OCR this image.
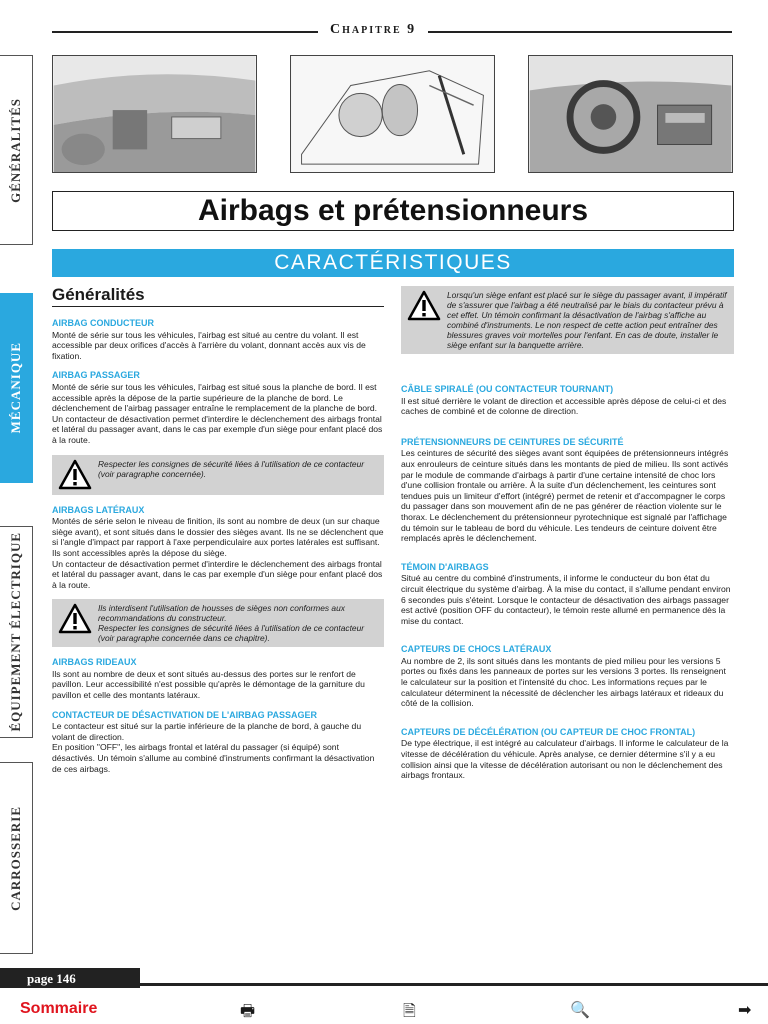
Chapitre 9
GÉNÉRALITÉS
MÉCANIQUE
ÉQUIPEMENT ÉLECTRIQUE
CARROSSERIE
Airbags et prétensionneurs
CARACTÉRISTIQUES
Généralités
AIRBAG CONDUCTEUR

Monté de série sur tous les véhicules, l'airbag est situé au centre du volant. Il est accessible par deux orifices d'accès à l'arrière du volant, donnant accès aux vis de fixation.

AIRBAG PASSAGER

Monté de série sur tous les véhicules, l'airbag est situé sous la planche de bord. Il est accessible après la dépose de la partie supérieure de la planche de bord. Le déclenchement de l'airbag passager entraîne le remplacement de la planche de bord.

Un contacteur de désactivation permet d'interdire le déclenchement des airbags frontal et latéral du passager avant, dans le cas par exemple d'un siège pour enfant placé dos à la route.

Respecter les consignes de sécurité liées à l'utilisation de ce contacteur (voir paragraphe concernée).
AIRBAGS LATÉRAUX

Montés de série selon le niveau de finition, ils sont au nombre de deux (un sur chaque siège avant), et sont situés dans le dossier des sièges avant. Ils ne se déclenchent que si l'angle d'impact par rapport à l'axe perpendiculaire aux portes latérales est suffisant. Ils sont accessibles après la dépose du siège.

Un contacteur de désactivation permet d'interdire le déclenchement des airbags frontal et latéral du passager avant, dans le cas par exemple d'un siège pour enfant placé dos à la route.

Ils interdisent l'utilisation de housses de sièges non conformes aux recommandations du constructeur.

Respecter les consignes de sécurité liées à l'utilisation de ce contacteur (voir paragraphe concernée dans ce chapitre).

AIRBAGS RIDEAUX

Ils sont au nombre de deux et sont situés au-dessus des portes sur le renfort de pavillon. Leur accessibilité n'est possible qu'après le démontage de la garniture du pavillon et celle des montants latéraux.

CONTACTEUR DE DÉSACTIVATION DE L'AIRBAG PASSAGER

Le contacteur est situé sur la partie inférieure de la planche de bord, à gauche du volant de direction.

En position "OFF", les airbags frontal et latéral du passager (si équipé) sont désactivés. Un témoin s'allume au combiné d'instruments confirmant la désactivation de ces airbags.

Lorsqu'un siège enfant est placé sur le siège du passager avant, il impératif de s'assurer que l'airbag a été neutralisé par le biais du contacteur prévu à cet effet. Un témoin confirmant la désactivation de l'airbag s'affiche au combiné d'instruments. Le non respect de cette action peut entraîner des blessures graves voir mortelles pour l'enfant. En cas de doute, installer le siège enfant sur la banquette arrière.
CÂBLE SPIRALÉ (OU CONTACTEUR TOURNANT)

Il est situé derrière le volant de direction et accessible après dépose de celui-ci et des caches de combiné et de colonne de direction.

PRÉTENSIONNEURS DE CEINTURES DE SÉCURITÉ

Les ceintures de sécurité des sièges avant sont équipées de prétensionneurs intégrés aux enrouleurs de ceinture situés dans les montants de pied de milieu. Ils sont activés par le module de commande d'airbags à partir d'une certaine intensité de choc lors d'une collision frontale ou arrière. À la suite d'un déclenchement, les ceintures sont tendues puis un limiteur d'effort (intégré) permet de retenir et d'accompagner le corps du passager dans son mouvement afin de ne pas générer de réaction violente sur le thorax. Le déclenchement du prétensionneur pyrotechnique est signalé par l'affichage du témoin sur le tableau de bord du véhicule. Les tendeurs de ceinture doivent être remplacés après le déclenchement.

TÉMOIN D'AIRBAGS

Situé au centre du combiné d'instruments, il informe le conducteur du bon état du circuit électrique du système d'airbag. À la mise du contact, il s'allume pendant environ 6 secondes puis s'éteint. Lorsque le contacteur de désactivation des airbags passager est activé (position OFF du contacteur), le témoin reste allumé en permanence dès la mise du contact.

CAPTEURS DE CHOCS LATÉRAUX

Au nombre de 2, ils sont situés dans les montants de pied milieu pour les versions 5 portes ou fixés dans les panneaux de portes sur les versions 3 portes. Ils renseignent le calculateur sur la position et l'intensité du choc. Les informations reçues par le calculateur déterminent la nécessité de déclencher les airbags latéraux et rideaux du côté de la collision.

CAPTEURS DE DÉCÉLÉRATION (OU CAPTEUR DE CHOC FRONTAL)

De type électrique, il est intégré au calculateur d'airbags. Il informe le calculateur de la vitesse de décélération du véhicule. Après analyse, ce dernier détermine s'il y a eu collision ainsi que la vitesse de décélération autorisant ou non le déclenchement des airbags frontaux.

page 146
Sommaire	🖶	🗎	🔍	➡
